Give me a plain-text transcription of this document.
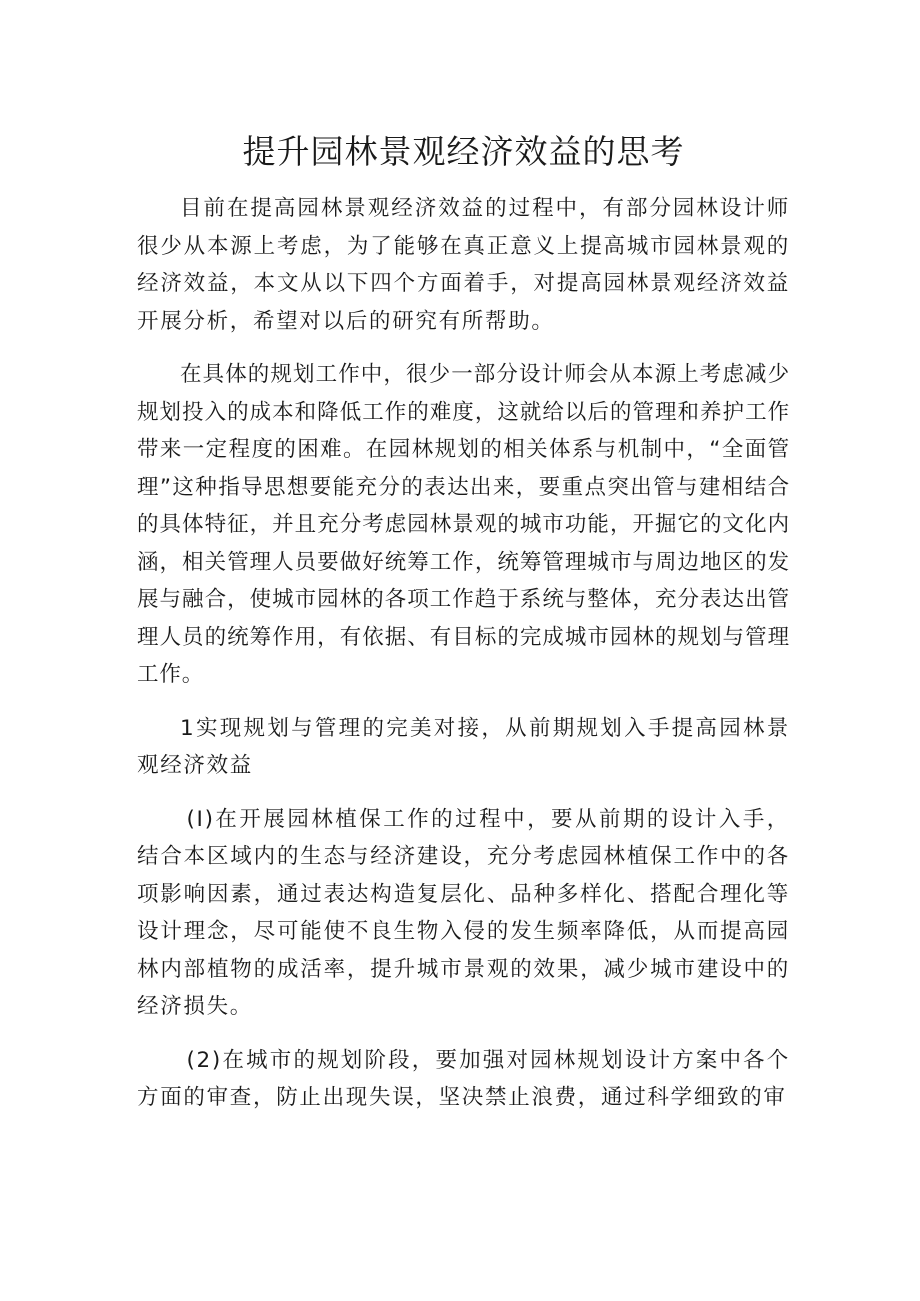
提升园林景观经济效益的思考

目前在提高园林景观经济效益的过程中，有部分园林设计师很少从本源上考虑，为了能够在真正意义上提高城市园林景观的经济效益，本文从以下四个方面着手，对提高园林景观经济效益开展分析，希望对以后的研究有所帮助。

在具体的规划工作中，很少一部分设计师会从本源上考虑减少规划投入的成本和降低工作的难度，这就给以后的管理和养护工作带来一定程度的困难。在园林规划的相关体系与机制中，“全面管理”这种指导思想要能充分的表达出来，要重点突出管与建相结合的具体特征，并且充分考虑园林景观的城市功能，开掘它的文化内涵，相关管理人员要做好统筹工作，统筹管理城市与周边地区的发展与融合，使城市园林的各项工作趋于系统与整体，充分表达出管理人员的统筹作用，有依据、有目标的完成城市园林的规划与管理工作。

1实现规划与管理的完美对接，从前期规划入手提高园林景观经济效益

(I)在开展园林植保工作的过程中，要从前期的设计入手，结合本区域内的生态与经济建设，充分考虑园林植保工作中的各项影响因素，通过表达构造复层化、品种多样化、搭配合理化等设计理念，尽可能使不良生物入侵的发生频率降低，从而提高园林内部植物的成活率，提升城市景观的效果，减少城市建设中的经济损失。

(2)在城市的规划阶段，要加强对园林规划设计方案中各个方面的审查，防止出现失误，坚决禁止浪费，通过科学细致的审
